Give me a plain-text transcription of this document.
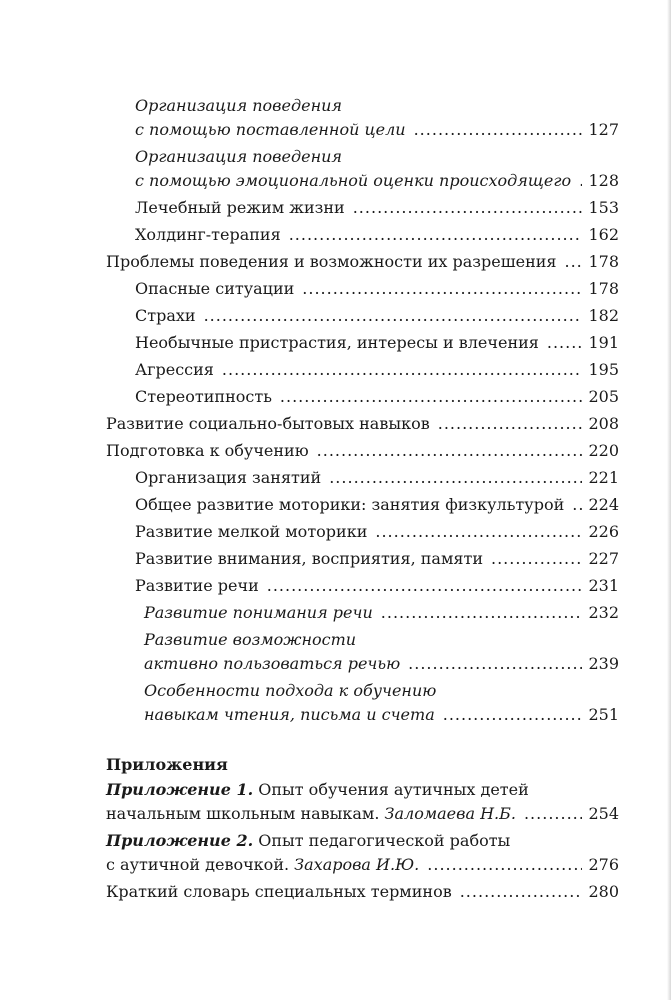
Организация поведения
с помощью поставленной цели .....	127
Организация поведения
с помощью эмоциональной оценки происходящего ..... 128
Лечебный режим жизни .....	153
Холдинг-терапия .....	162
Проблемы поведения и возможности их разрешения ..... 178
Опасные ситуации .....	178
Страхи .....	182
Необычные пристрастия, интересы и влечения .....	191
Агрессия .....	195
Стереотипность .....	205
Развитие социально-бытовых навыков .....	208
Подготовка к обучению .....	220
Организация занятий .....	221
Общее развитие моторики: занятия физкультурой ..... 224
Развитие мелкой моторики .....	226
Развитие внимания, восприятия, памяти .....	227
Развитие речи .....	231
Развитие понимания речи .....	232
Развитие возможности
активно пользоваться речью .....	239
Особенности подхода к обучению
навыкам чтения, письма и счета .....	251
Приложения
Приложение 1. Опыт обучения аутичных детей
начальным школьным навыкам. Заломаева Н.Б. .....	254
Приложение 2. Опыт педагогической работы
с аутичной девочкой. Захарова И.Ю. .....	276
Краткий словарь специальных терминов .....	280
